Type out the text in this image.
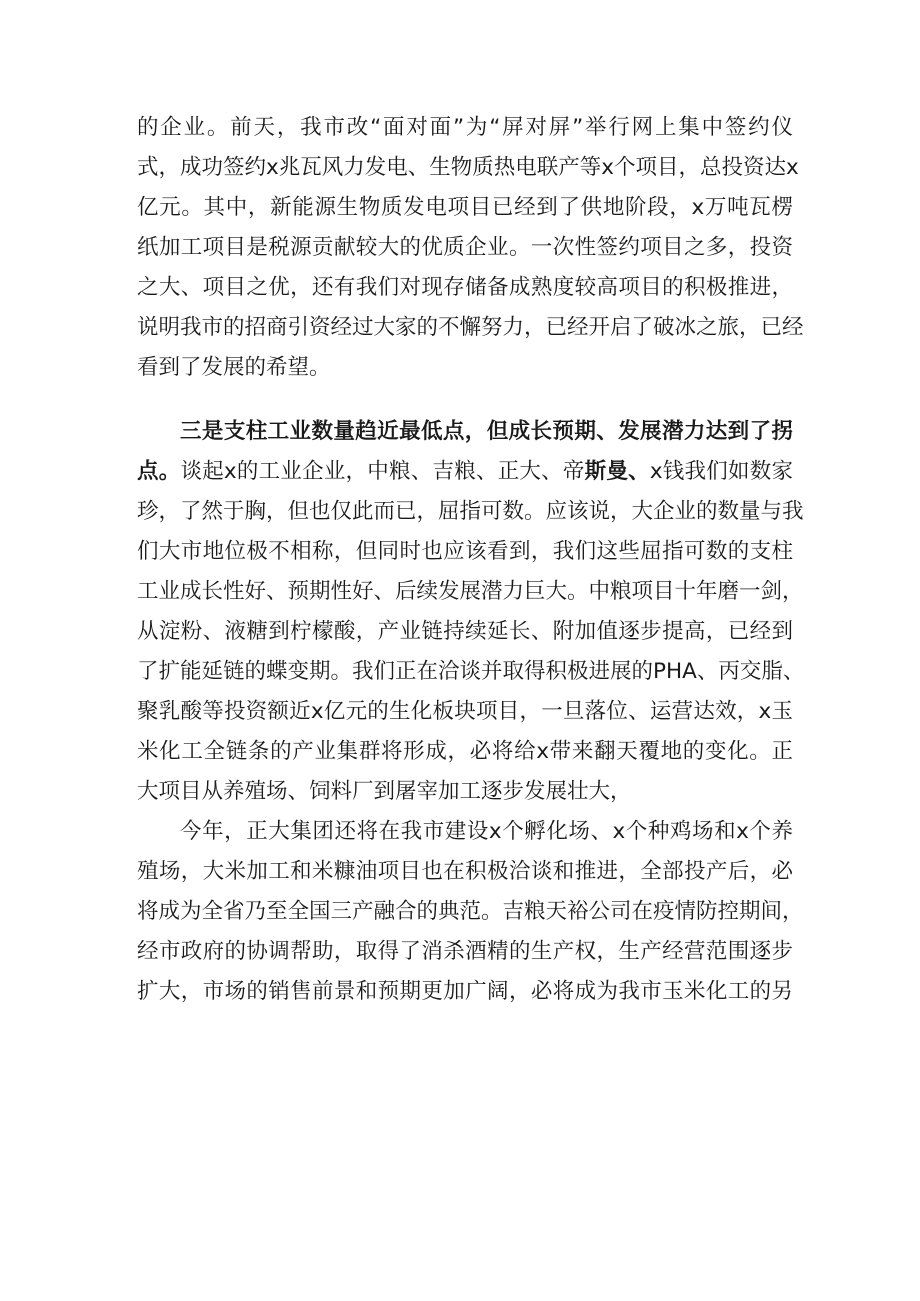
的企业。前天，我市改“面对面”为“屏对屏”举行网上集中签约仪
式，成功签约x兆瓦风力发电、生物质热电联产等x个项目，总投资达x
亿元。其中，新能源生物质发电项目已经到了供地阶段，x万吨瓦楞
纸加工项目是税源贡献较大的优质企业。一次性签约项目之多，投资
之大、项目之优，还有我们对现存储备成熟度较高项目的积极推进，
说明我市的招商引资经过大家的不懈努力，已经开启了破冰之旅，已经
看到了发展的希望。
三是支柱工业数量趋近最低点，但成长预期、发展潜力达到了拐
点。谈起x的工业企业，中粮、吉粮、正大、帝斯曼、x钱我们如数家
珍，了然于胸，但也仅此而已，屈指可数。应该说，大企业的数量与我
们大市地位极不相称，但同时也应该看到，我们这些屈指可数的支柱
工业成长性好、预期性好、后续发展潜力巨大。中粮项目十年磨一剑，
从淀粉、液糖到柠檬酸，产业链持续延长、附加值逐步提高，已经到
了扩能延链的蝶变期。我们正在洽谈并取得积极进展的PHA、丙交脂、
聚乳酸等投资额近x亿元的生化板块项目，一旦落位、运营达效，x玉
米化工全链条的产业集群将形成，必将给x带来翻天覆地的变化。正
大项目从养殖场、饲料厂到屠宰加工逐步发展壮大，
今年，正大集团还将在我市建设x个孵化场、x个种鸡场和x个养
殖场，大米加工和米糠油项目也在积极洽谈和推进，全部投产后，必
将成为全省乃至全国三产融合的典范。吉粮天裕公司在疫情防控期间，
经市政府的协调帮助，取得了消杀酒精的生产权，生产经营范围逐步
扩大，市场的销售前景和预期更加广阔，必将成为我市玉米化工的另
